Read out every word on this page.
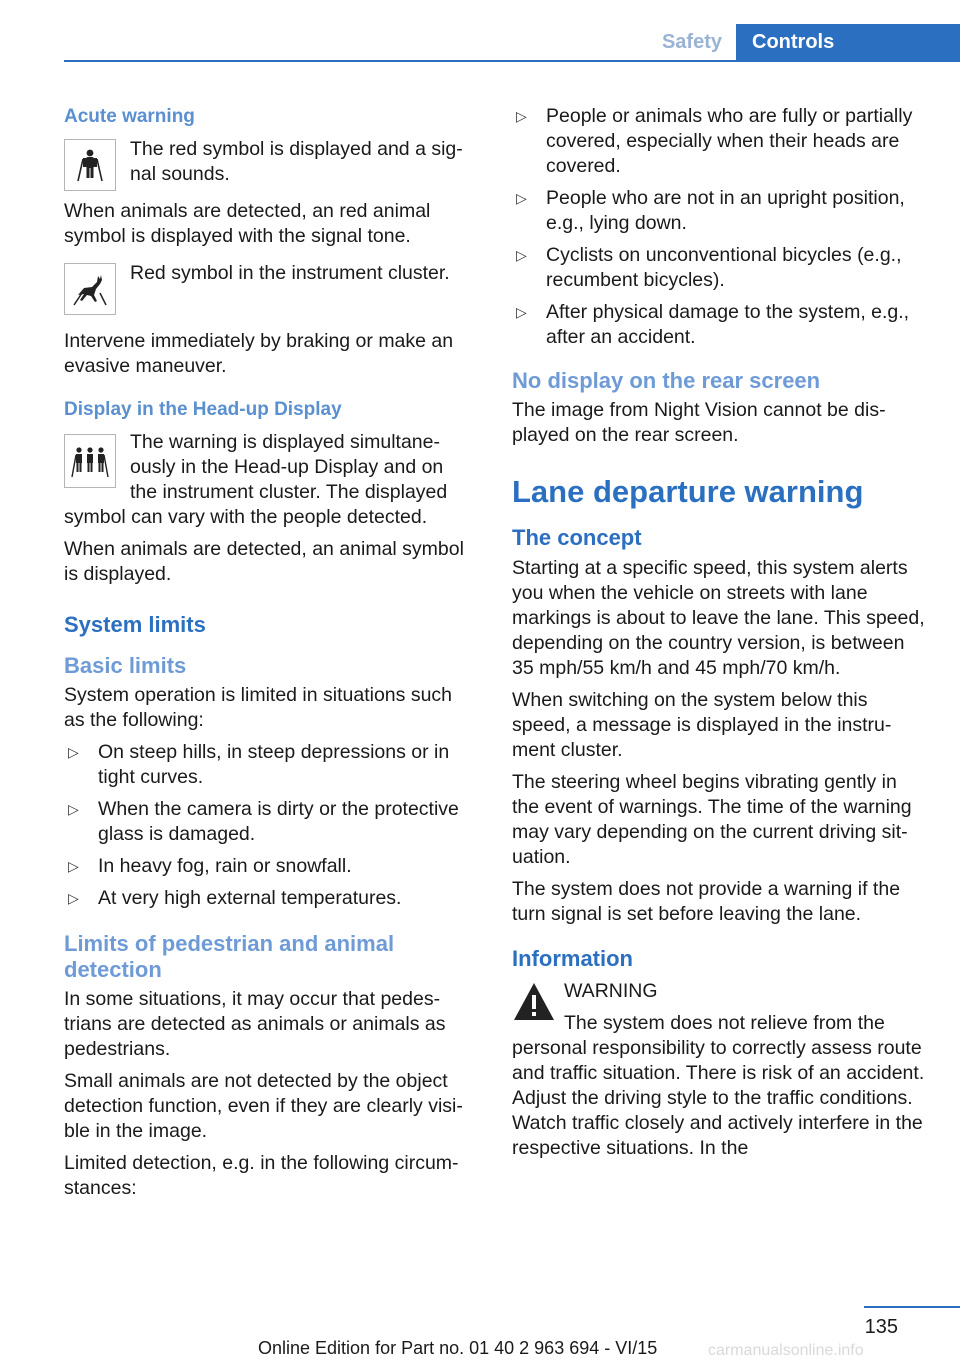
Safety	Controls
Acute warning
The red symbol is displayed and a sig‐nal sounds.

When animals are detected, an red animal symbol is displayed with the signal tone.

Red symbol in the instrument cluster.

Intervene immediately by braking or make an evasive maneuver.

Display in the Head-up Display
The warning is displayed simultane‐ously in the Head-up Display and on the instrument cluster. The displayed symbol can vary with the people detected.

When animals are detected, an animal symbol is displayed.

System limits
Basic limits

System operation is limited in situations such as the following:

▷ On steep hills, in steep depressions or in tight curves.
▷ When the camera is dirty or the protective glass is damaged.
▷ In heavy fog, rain or snowfall.
▷ At very high external temperatures.
Limits of pedestrian and animal detection

In some situations, it may occur that pedes‐trians are detected as animals or animals as pedestrians.

Small animals are not detected by the object detection function, even if they are clearly visi‐ble in the image.

Limited detection, e.g. in the following circum‐stances:

▷ People or animals who are fully or partially covered, especially when their heads are covered.
▷ People who are not in an upright position, e.g., lying down.
▷ Cyclists on unconventional bicycles (e.g., recumbent bicycles).
▷ After physical damage to the system, e.g., after an accident.
No display on the rear screen

The image from Night Vision cannot be dis‐played on the rear screen.

Lane departure warning
The concept

Starting at a specific speed, this system alerts you when the vehicle on streets with lane markings is about to leave the lane. This speed, depending on the country version, is between 35 mph/55 km/h and 45 mph/70 km/h.

When switching on the system below this speed, a message is displayed in the instru‐ment cluster.

The steering wheel begins vibrating gently in the event of warnings. The time of the warning may vary depending on the current driving sit‐uation.

The system does not provide a warning if the turn signal is set before leaving the lane.

Information
WARNING
The system does not relieve from the personal responsibility to correctly assess route and traffic situation. There is risk of an accident. Adjust the driving style to the traffic conditions. Watch traffic closely and actively interfere in the respective situations. In the
135
Online Edition for Part no. 01 40 2 963 694 - VI/15	carmanualsonline.info
